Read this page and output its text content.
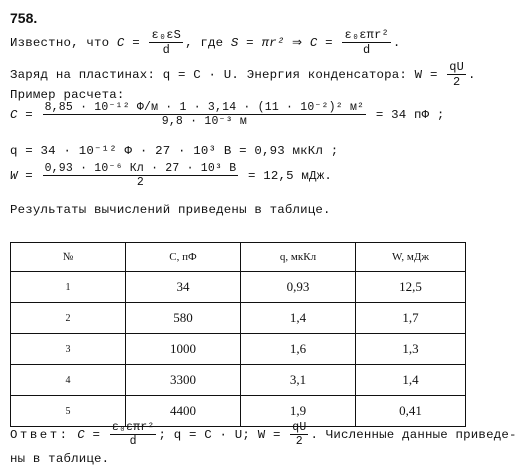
758.
Известно, что $C = \frac{\text{ε₀εS}}{d}$ , где S = πr² ⇒ $C = \frac{\text{ε₀επr²}}{d}$ .
Заряд на пластинах: q = C · U. Энергия конденсатора: $W = \frac{qU}{2}$ .
Пример расчета:
$C = \frac{\text{8,85 · 10⁻¹² Ф/м · 1 · 3,14 · (11 · 10⁻²)² м²}}{\text{9,8 · 10⁻³ м}} = 34$ пФ ;
q = 34 · 10⁻¹² Ф · 27 · 10³ В = 0,93 мкКл ;
$W = \frac{\text{0,93 · 10⁻⁶ Кл · 27 · 10³ В}}{2} = 12,5$ мДж.
Результаты вычислений приведены в таблице.
№	C, пФ	q, мкКл	W, мДж
1	34	0,93	12,5
2	580	1,4	1,7
3	1000	1,6	1,3
4	3300	3,1	1,4
5	4400	1,9	0,41
Ответ: $C = \frac{\text{ε₀επr²}}{d}$ ; q = C · U; $W = \frac{qU}{2}$ . Численные данные приведе-
ны в таблице.
